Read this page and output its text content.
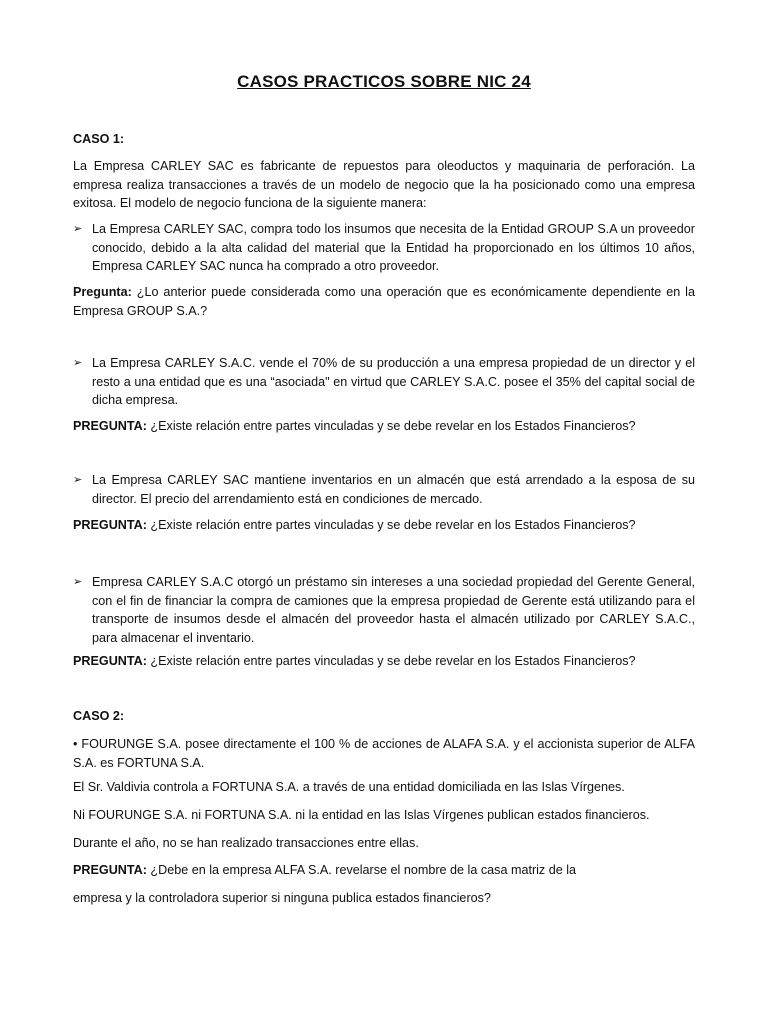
CASOS PRACTICOS SOBRE NIC 24
CASO 1:
La Empresa CARLEY SAC es fabricante de repuestos para oleoductos y maquinaria de perforación. La empresa realiza transacciones a través de un modelo de negocio que la ha posicionado como una empresa exitosa. El modelo de negocio funciona de la siguiente manera:
➢ La Empresa CARLEY SAC, compra todo los insumos que necesita de la Entidad GROUP S.A un proveedor conocido, debido a la alta calidad del material que la Entidad ha proporcionado en los últimos 10 años, Empresa CARLEY SAC nunca ha comprado a otro proveedor.
Pregunta: ¿Lo anterior puede considerada como una operación que es económicamente dependiente en la Empresa GROUP S.A.?
➢ La Empresa CARLEY S.A.C. vende el 70% de su producción a una empresa propiedad de un director y el resto a una entidad que es una “asociada" en virtud que CARLEY S.A.C. posee el 35% del capital social de dicha empresa.
PREGUNTA: ¿Existe relación entre partes vinculadas y se debe revelar en los Estados Financieros?
➢ La Empresa CARLEY SAC mantiene inventarios en un almacén que está arrendado a la esposa de su director. El precio del arrendamiento está en condiciones de mercado.
PREGUNTA: ¿Existe relación entre partes vinculadas y se debe revelar en los Estados Financieros?
➢ Empresa CARLEY S.A.C otorgó un préstamo sin intereses a una sociedad propiedad del Gerente General, con el fin de financiar la compra de camiones que la empresa propiedad de Gerente está utilizando para el transporte de insumos desde el almacén del proveedor hasta el almacén utilizado por CARLEY S.A.C., para almacenar el inventario.
PREGUNTA: ¿Existe relación entre partes vinculadas y se debe revelar en los Estados Financieros?
CASO 2:
• FOURUNGE S.A. posee directamente el 100 % de acciones de ALAFA S.A. y el accionista superior de ALFA S.A. es FORTUNA S.A.
El Sr. Valdivia controla a FORTUNA S.A. a través de una entidad domiciliada en las Islas Vírgenes.
Ni FOURUNGE S.A. ni FORTUNA S.A. ni la entidad en las Islas Vírgenes publican estados financieros.
Durante el año, no se han realizado transacciones entre ellas.
PREGUNTA: ¿Debe en la empresa ALFA S.A. revelarse el nombre de la casa matriz de la
empresa y la controladora superior si ninguna publica estados financieros?
